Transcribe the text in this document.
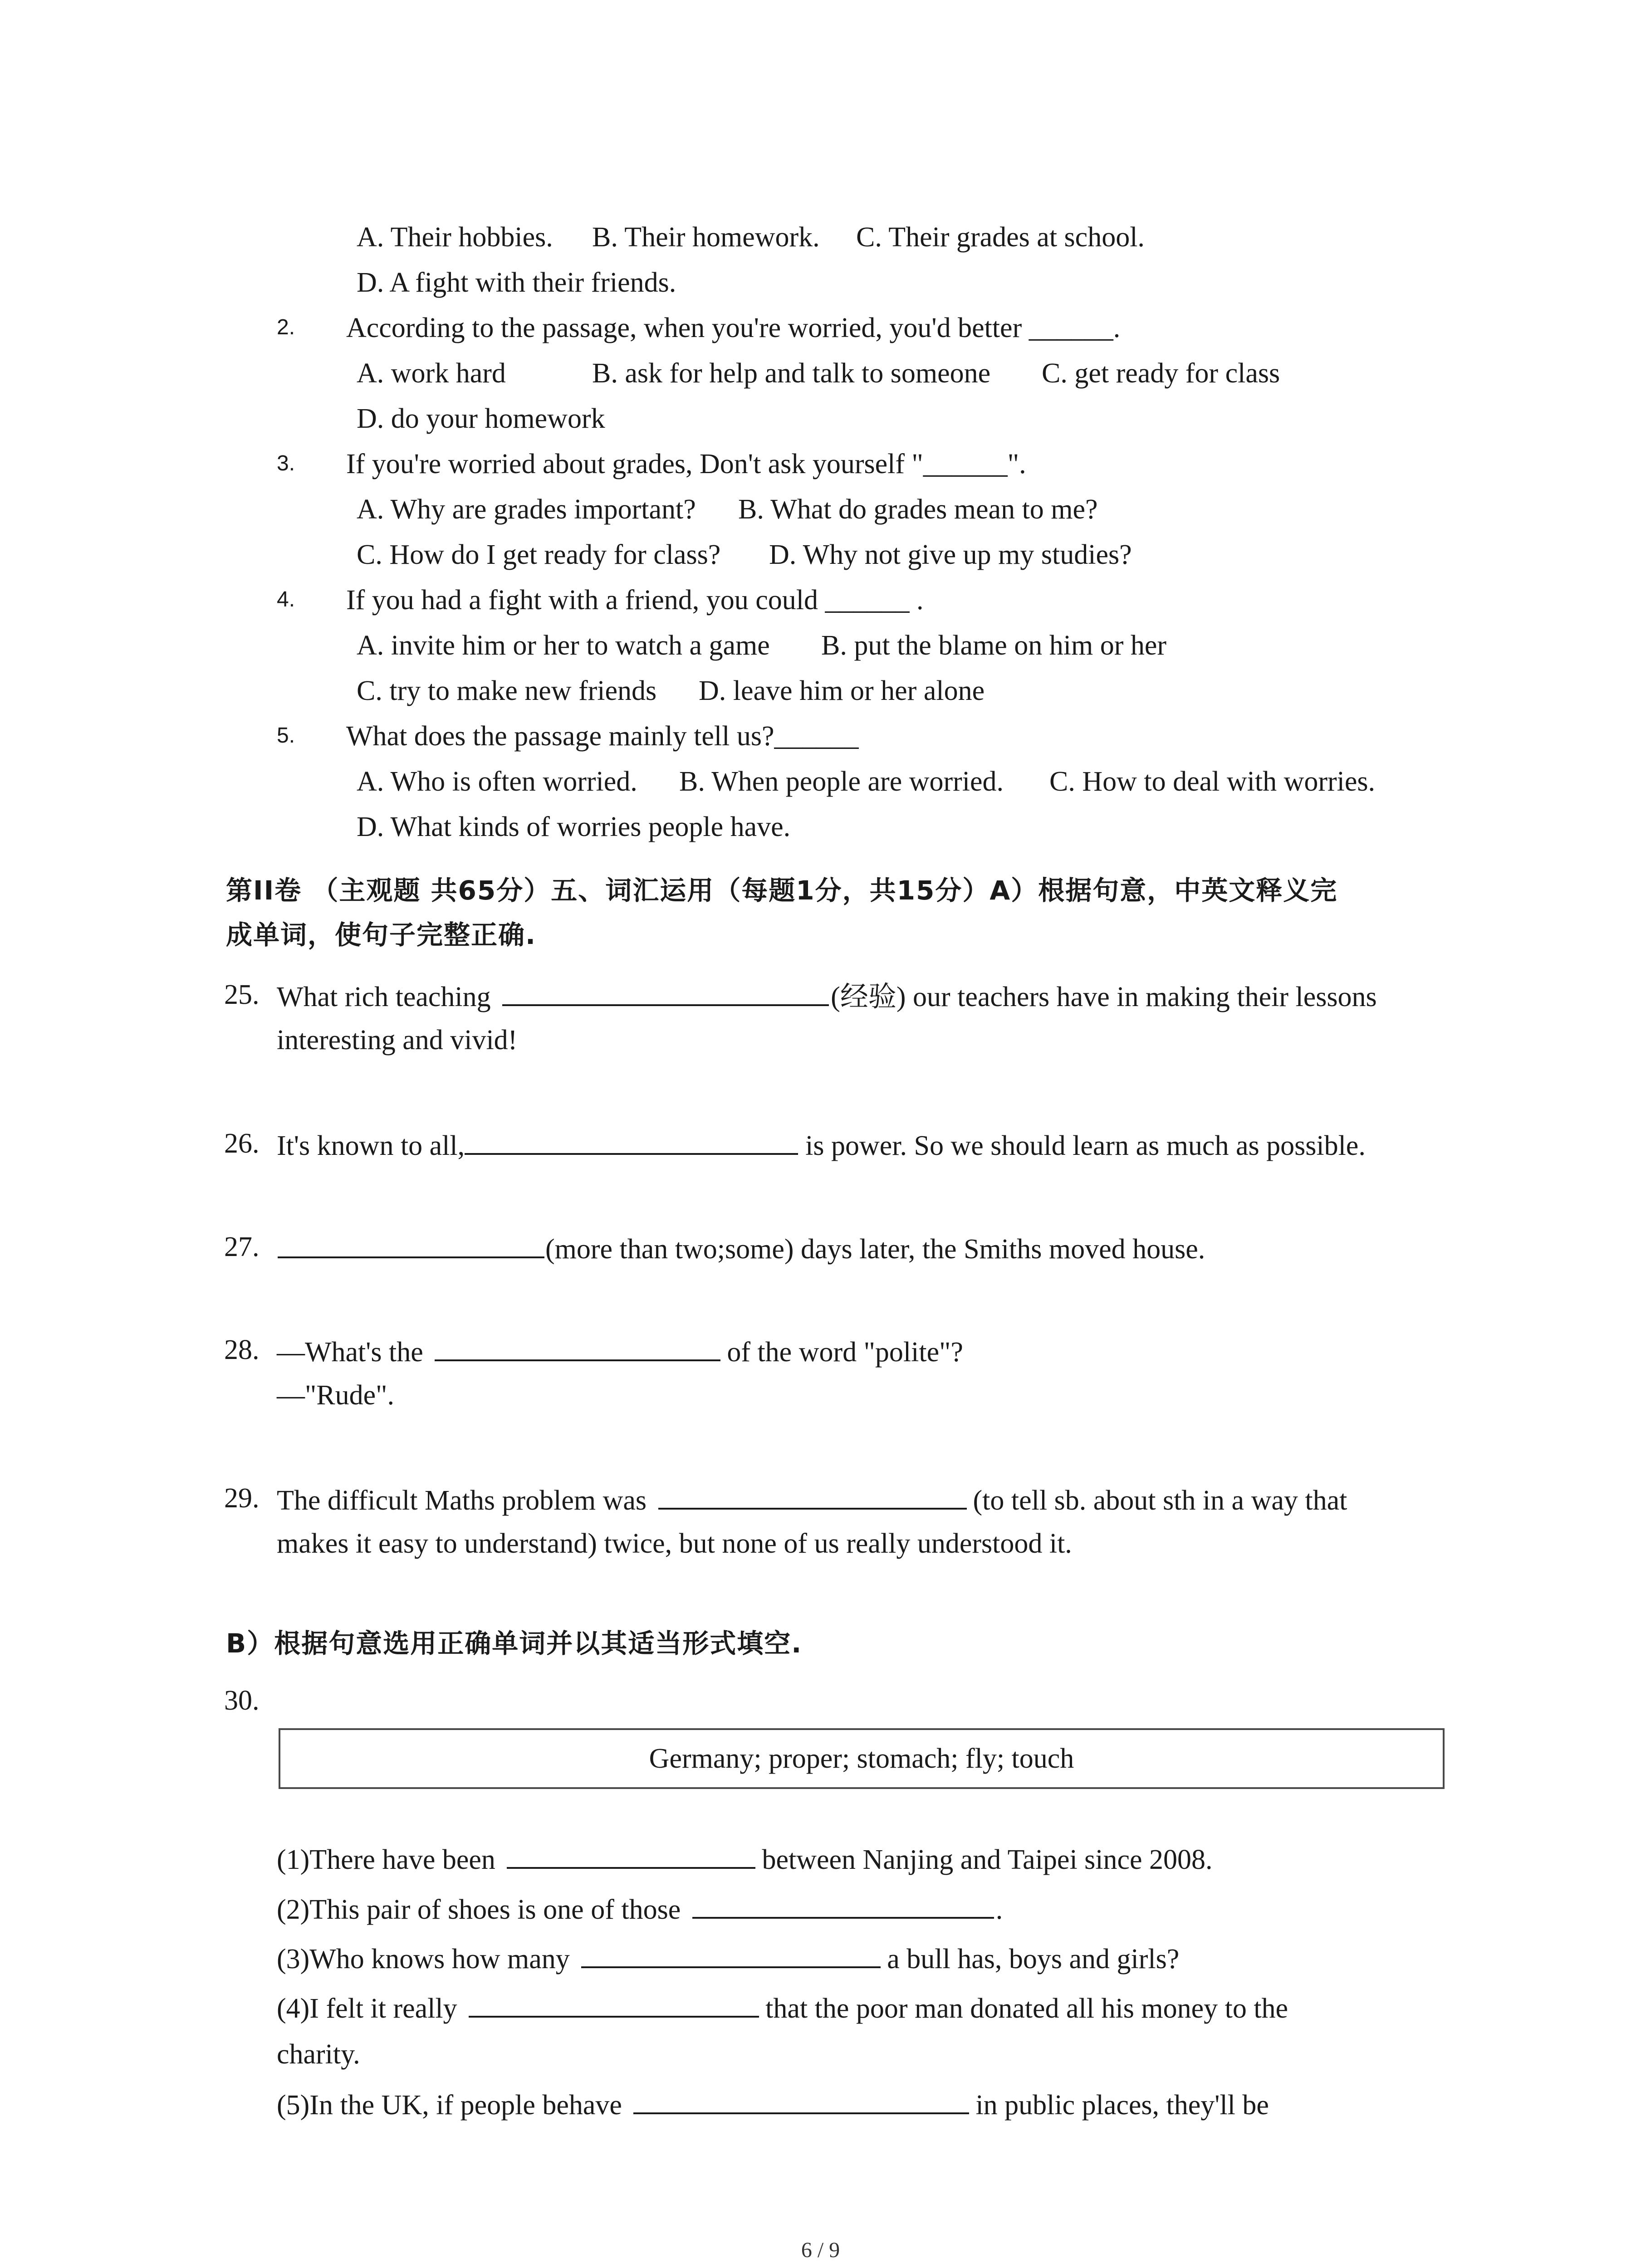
A. Their hobbies. B. Their homework. C. Their grades at school.
D. A fight with their friends.
2. According to the passage, when you're worried, you'd better ______.
A. work hard	B. ask for help and talk to someone C. get ready for class
D. do your homework
3. If you're worried about grades, Don't ask yourself "______".
A. Why are grades important? B. What do grades mean to me?
C. How do I get ready for class? D. Why not give up my studies?
4. If you had a fight with a friend, you could ______ .
A. invite him or her to watch a game B. put the blame on him or her
C. try to make new friends D. leave him or her alone
5. What does the passage mainly tell us?______
A. Who is often worried. B. When people are worried. C. How to deal with worries.
D. What kinds of worries people have.
第II卷 （主观题 共65分）五、词汇运用（每题1分，共15分）A）根据句意，中英文释义完
成单词，使句子完整正确.
25. What rich teaching	(经验) our teachers have in making their lessons
interesting and vivid!
26. It's known to all,	is power. So we should learn as much as possible.
27.	(more than two;some) days later, the Smiths moved house.
28. —What's the	of the word "polite"?
—"Rude".
29. The difficult Maths problem was	(to tell sb. about sth in a way that
makes it easy to understand) twice, but none of us really understood it.
B）根据句意选用正确单词并以其适当形式填空.
30.
Germany; proper; stomach; fly; touch
(1)There have been	between Nanjing and Taipei since 2008.
(2)This pair of shoes is one of those	.
(3)Who knows how many	a bull has, boys and girls?
(4)I felt it really	that the poor man donated all his money to the
charity.
(5)In the UK, if people behave	in public places, they'll be
6 / 9
